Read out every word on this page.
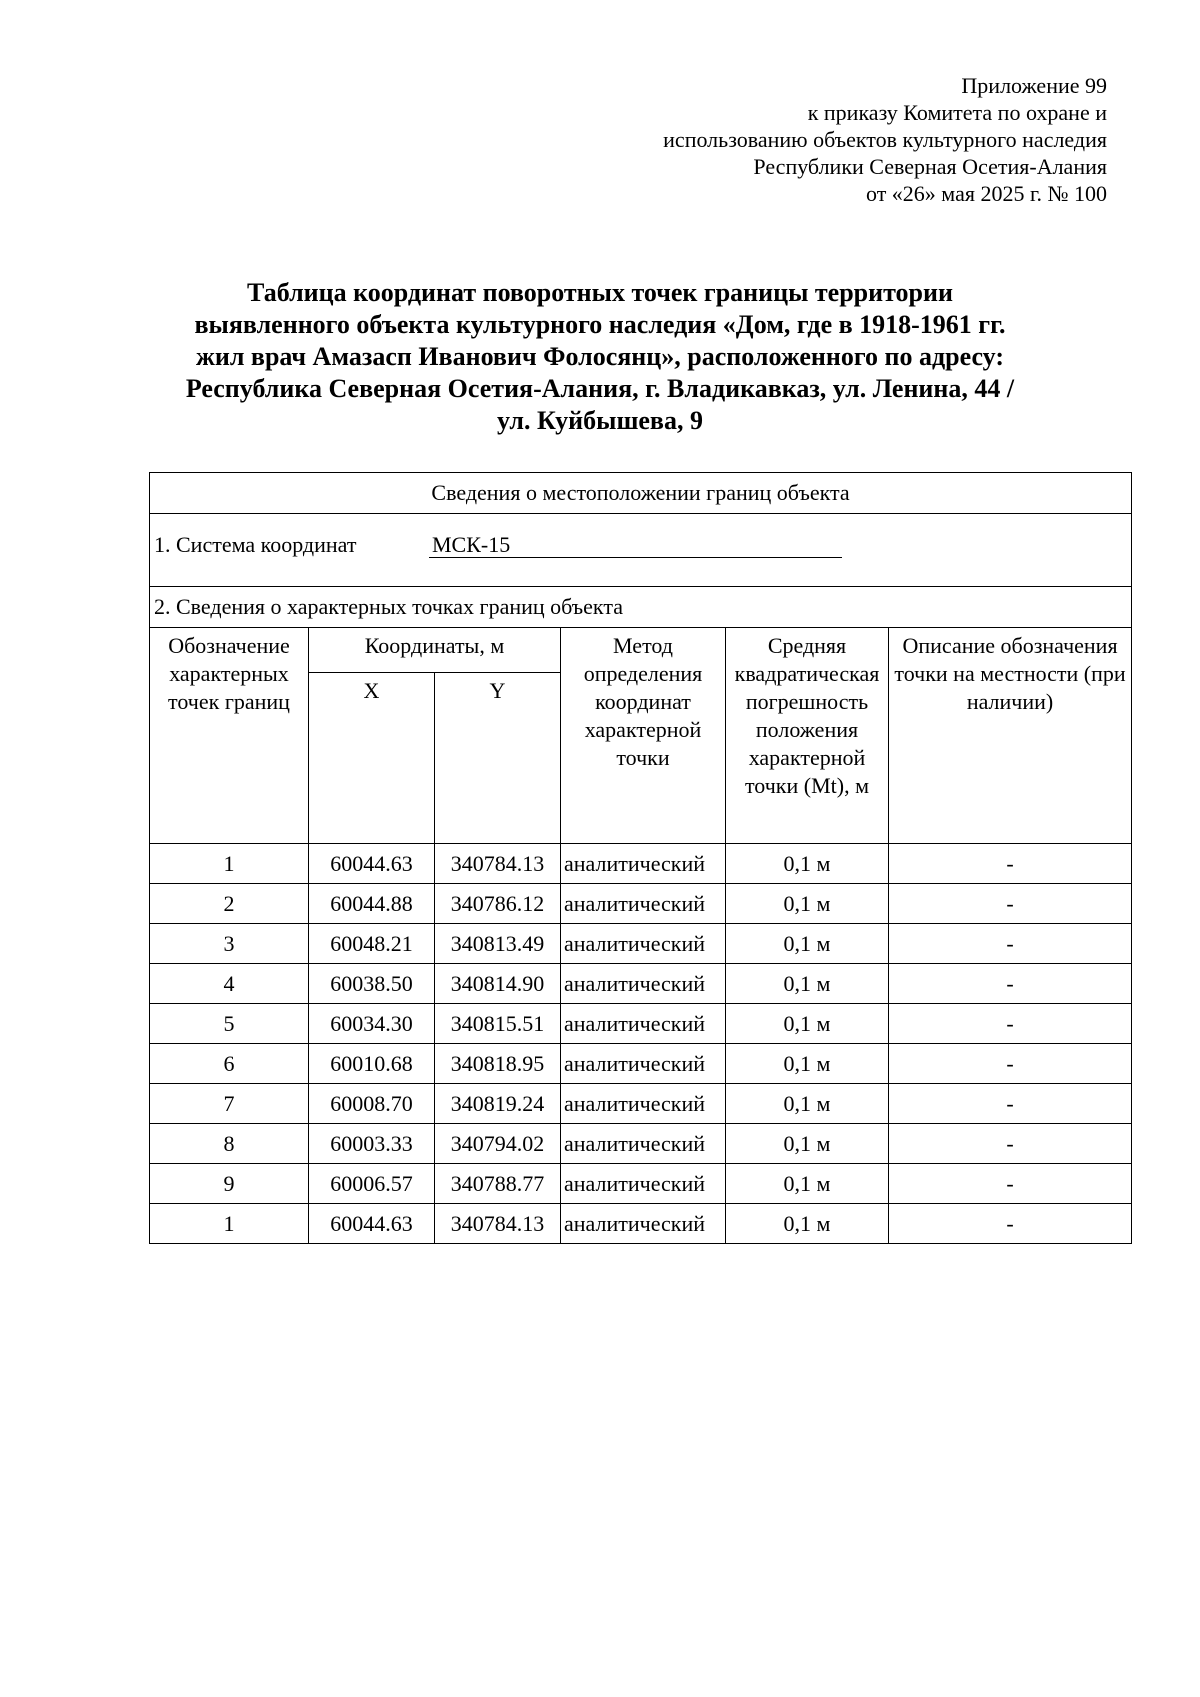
Приложение 99
к приказу Комитета по охране и
использованию объектов культурного наследия
Республики Северная Осетия-Алания
от «26» мая 2025 г. № 100
Таблица координат поворотных точек границы территории
выявленного объекта культурного наследия «Дом, где в 1918-1961 гг.
жил врач Амазасп Иванович Фолосянц», расположенного по адресу:
Республика Северная Осетия-Алания, г. Владикавказ, ул. Ленина, 44 /
ул. Куйбышева, 9
Сведения о местоположении границ объекта					

1. Система координат МСК-15					

2. Сведения о характерных точках границ объекта					
Обозначение характерных точек границ	Координаты, м		Метод определения координат характерной точки	Средняя квадратическая погрешность положения характерной точки (Mt), м	Описание обозначения точки на местности (при наличии)
	X	Y			
1	60044.63	340784.13	аналитический	0,1 м	-
2	60044.88	340786.12	аналитический	0,1 м	-
3	60048.21	340813.49	аналитический	0,1 м	-
4	60038.50	340814.90	аналитический	0,1 м	-
5	60034.30	340815.51	аналитический	0,1 м	-
6	60010.68	340818.95	аналитический	0,1 м	-
7	60008.70	340819.24	аналитический	0,1 м	-
8	60003.33	340794.02	аналитический	0,1 м	-
9	60006.57	340788.77	аналитический	0,1 м	-
1	60044.63	340784.13	аналитический	0,1 м	-
